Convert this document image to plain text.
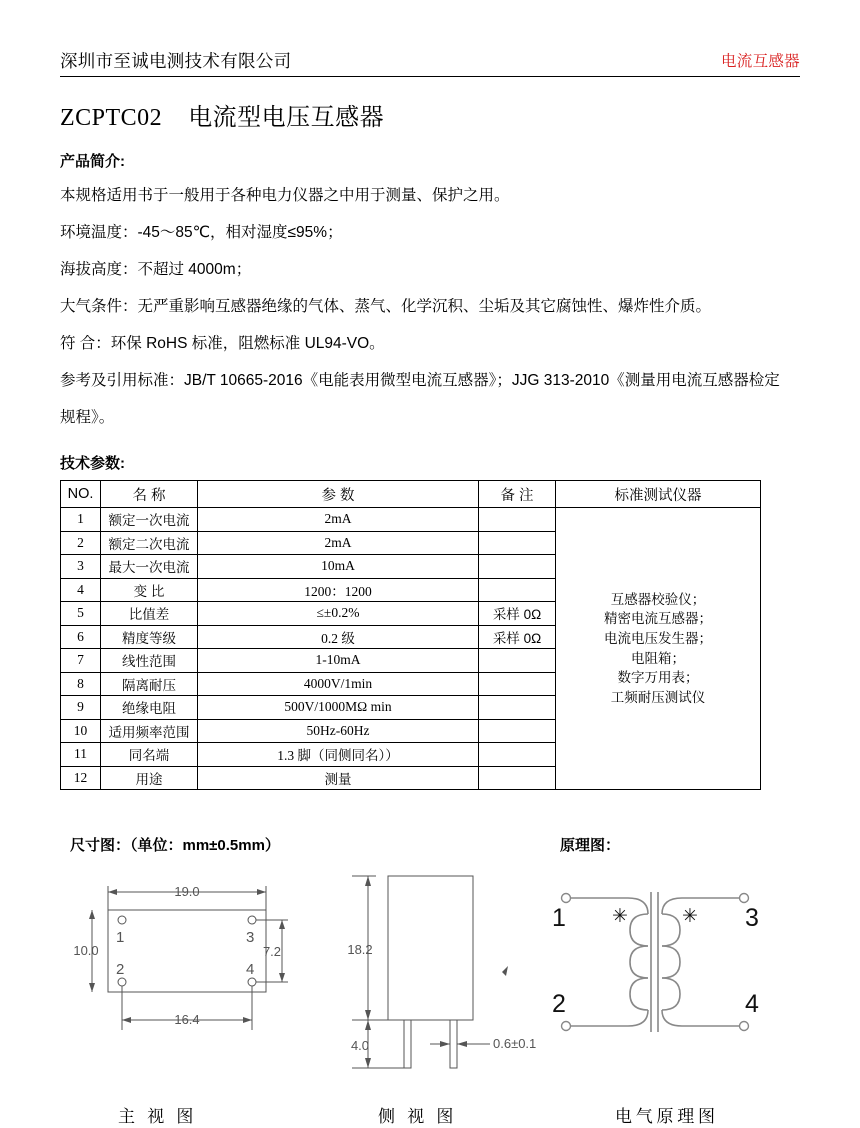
深圳市至诚电测技术有限公司	电流互感器
ZCPTC02 电流型电压互感器
产品简介:
本规格适用书于一般用于各种电力仪器之中用于测量、保护之用。
环境温度：-45～85℃，相对湿度≤95%；
海拔高度：不超过 4000m；
大气条件：无严重影响互感器绝缘的气体、蒸气、化学沉积、尘垢及其它腐蚀性、爆炸性介质。
符 合：环保 RoHS 标准，阻燃标准 UL94-VO。
参考及引用标准：JB/T 10665-2016《电能表用微型电流互感器》；JJG 313-2010《测量用电流互感器检定
规程》。
技术参数:
NO.	名 称	参 数	备 注	标准测试仪器
1	额定一次电流	2mA		
互感器校验仪；
精密电流互感器；
电流电压发生器；
电阻箱；
数字万用表；
工频耐压测试仪

2	额定二次电流	2mA		
3	最大一次电流	10mA		
4	变 比	1200：1200		
5	比值差	≤±0.2%	采样 0Ω	
6	精度等级	0.2 级	采样 0Ω	
7	线性范围	1-10mA		
8	隔离耐压	4000V/1min		
9	绝缘电阻	500V/1000MΩ min		
10	适用频率范围	50Hz-60Hz		
11	同名端	1.3 脚（同侧同名））		
12	用途	测量		
尺寸图：（单位：mm±0.5mm）	原理图：
19.0
10.0	7.2
16.4
1
2
3
4
18.2
4.0	0.6±0.1
✳	✳
1
2
3
4
主 视 图	侧 视 图	电气原理图
